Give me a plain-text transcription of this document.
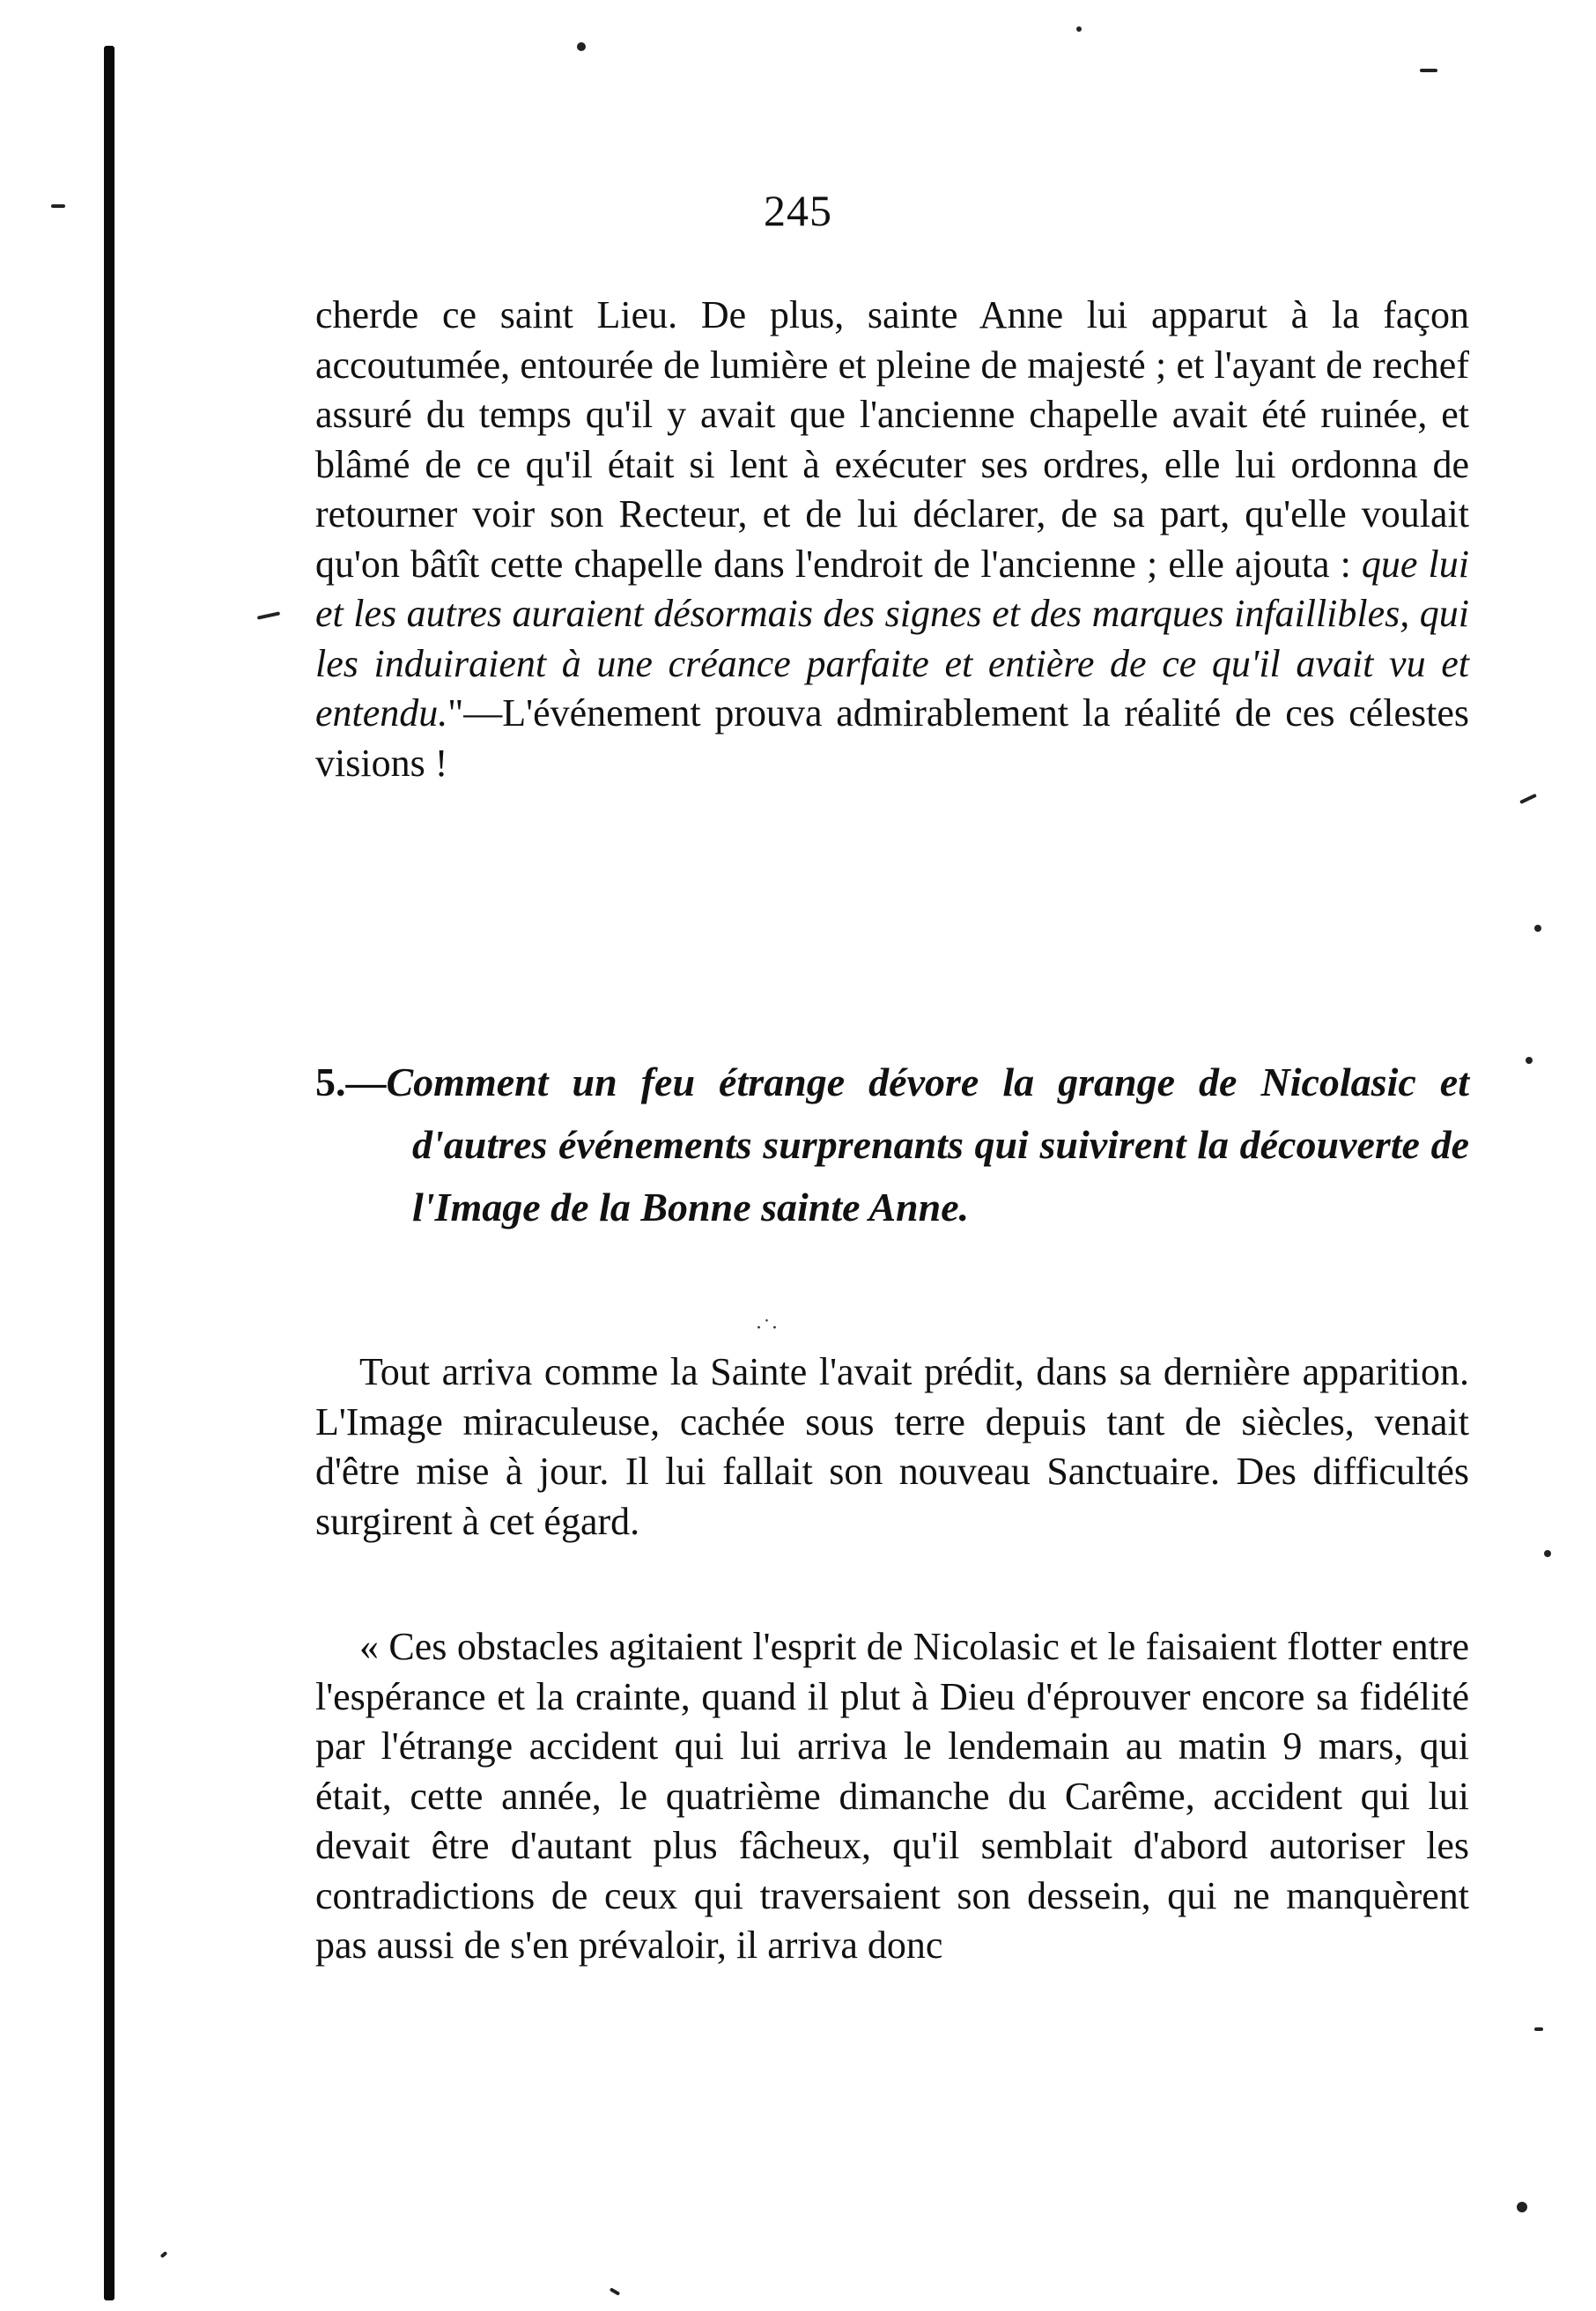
245

cherde ce saint Lieu. De plus, sainte Anne lui apparut à la façon accoutumée, entourée de lumière et pleine de majesté ; et l'ayant de rechef assuré du temps qu'il y avait que l'ancienne chapelle avait été ruinée, et blâmé de ce qu'il était si lent à exécuter ses ordres, elle lui ordonna de retourner voir son Recteur, et de lui déclarer, de sa part, qu'elle voulait qu'on bâtît cette chapelle dans l'endroit de l'ancienne ; elle ajouta : que lui et les autres auraient désormais des signes et des marques infaillibles, qui les induiraient à une créance parfaite et entière de ce qu'il avait vu et entendu."—L'événement prouva admirablement la réalité de ces célestes visions !

5.—Comment un feu étrange dévore la grange de Nicolasic et d'autres événements surprenants qui suivirent la découverte de l'Image de la Bonne sainte Anne.
·˙·

Tout arriva comme la Sainte l'avait prédit, dans sa dernière apparition. L'Image miraculeuse, cachée sous terre depuis tant de siècles, venait d'être mise à jour. Il lui fallait son nouveau Sanctuaire. Des difficultés surgirent à cet égard.

« Ces obstacles agitaient l'esprit de Nicolasic et le faisaient flotter entre l'espérance et la crainte, quand il plut à Dieu d'éprouver encore sa fidélité par l'étrange accident qui lui arriva le lendemain au matin 9 mars, qui était, cette année, le quatrième dimanche du Carême, accident qui lui devait être d'autant plus fâcheux, qu'il semblait d'abord autoriser les contradictions de ceux qui traversaient son dessein, qui ne manquèrent pas aussi de s'en prévaloir, il arriva donc
